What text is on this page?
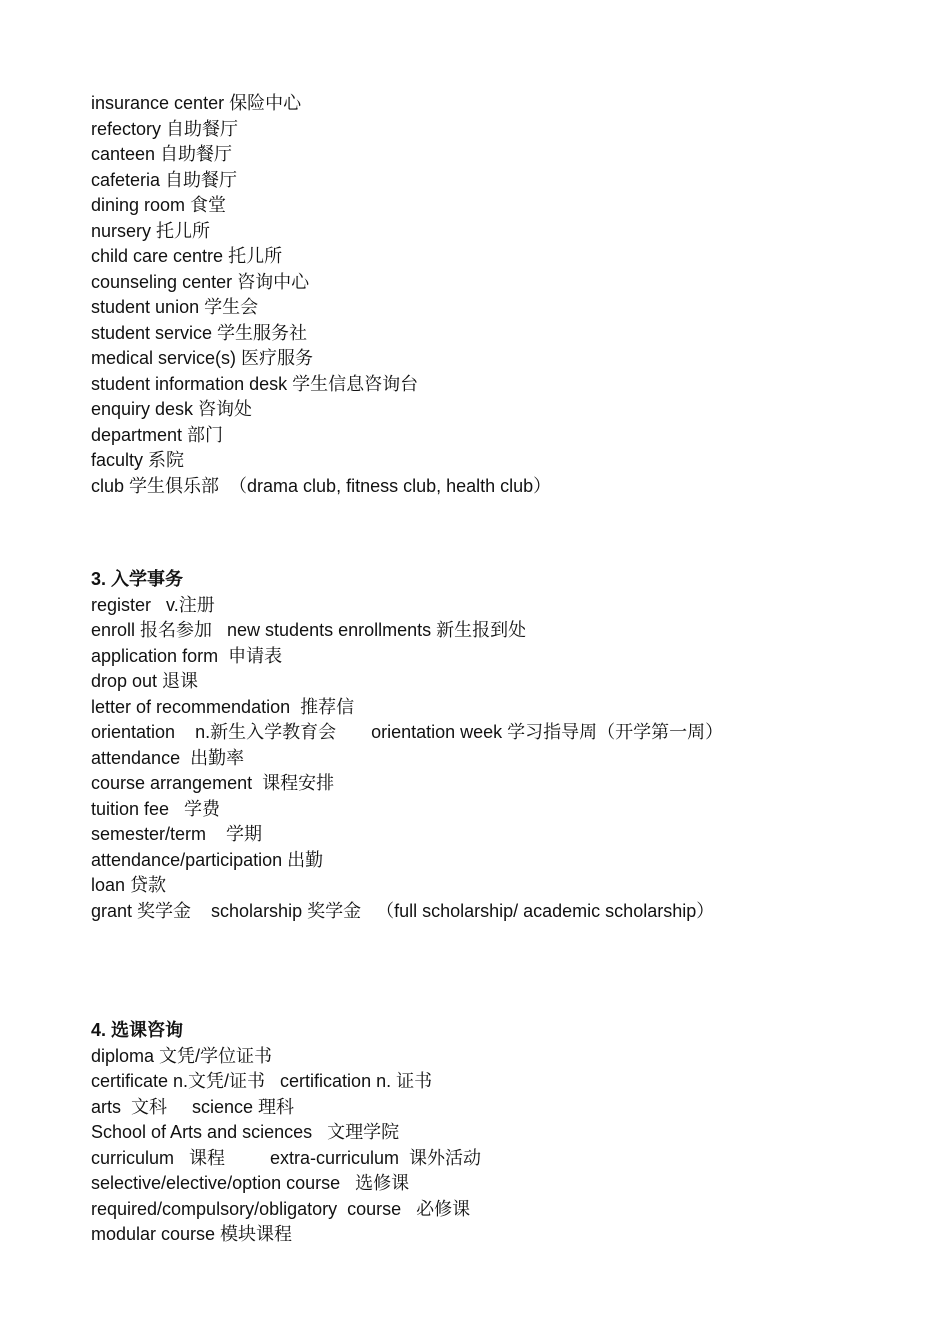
insurance center 保险中心
refectory 自助餐厅
canteen 自助餐厅
cafeteria 自助餐厅
dining room 食堂
nursery 托儿所
child care centre 托儿所
counseling center 咨询中心
student union 学生会
student service 学生服务社
medical service(s) 医疗服务
student information desk 学生信息咨询台
enquiry desk 咨询处
department 部门
faculty 系院
club 学生俱乐部  （drama club, fitness club, health club）
3. 入学事务
register   v.注册
enroll 报名参加   new students enrollments 新生报到处
application form  申请表
drop out 退课
letter of recommendation  推荐信
orientation    n.新生入学教育会       orientation week 学习指导周（开学第一周）
attendance  出勤率
course arrangement  课程安排
tuition fee   学费
semester/term    学期
attendance/participation 出勤
loan 贷款
grant 奖学金    scholarship 奖学金   （full scholarship/ academic scholarship）
4. 选课咨询
diploma 文凭/学位证书
certificate n.文凭/证书   certification n. 证书
arts  文科     science 理科
School of Arts and sciences   文理学院
curriculum   课程         extra-curriculum  课外活动
selective/elective/option course   选修课
required/compulsory/obligatory  course   必修课
modular course 模块课程
